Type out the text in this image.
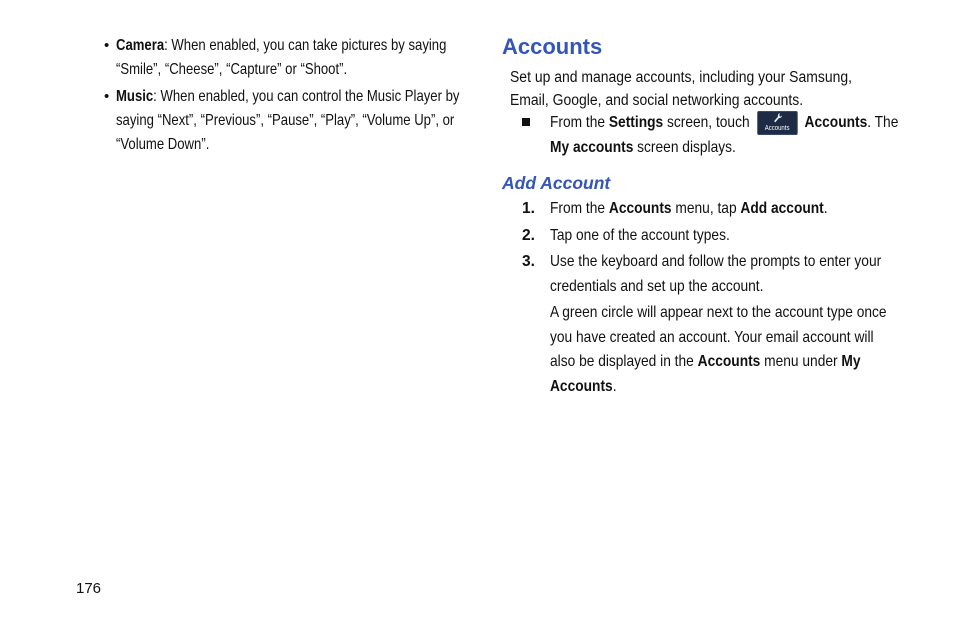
• Camera: When enabled, you can take pictures by saying
“Smile”, “Cheese”, “Capture” or “Shoot”.
• Music: When enabled, you can control the Music Player by
saying “Next”, “Previous”, “Pause”, “Play”, “Volume Up”, or
“Volume Down”.
Accounts
Set up and manage accounts, including your Samsung,
Email, Google, and social networking accounts.
From the Settings screen, touch	Accounts Accounts. The
My accounts screen displays.
Add Account
1. From the Accounts menu, tap Add account.
2. Tap one of the account types.
3. Use the keyboard and follow the prompts to enter your
credentials and set up the account.
A green circle will appear next to the account type once
you have created an account. Your email account will
also be displayed in the Accounts menu under My
Accounts.
176
